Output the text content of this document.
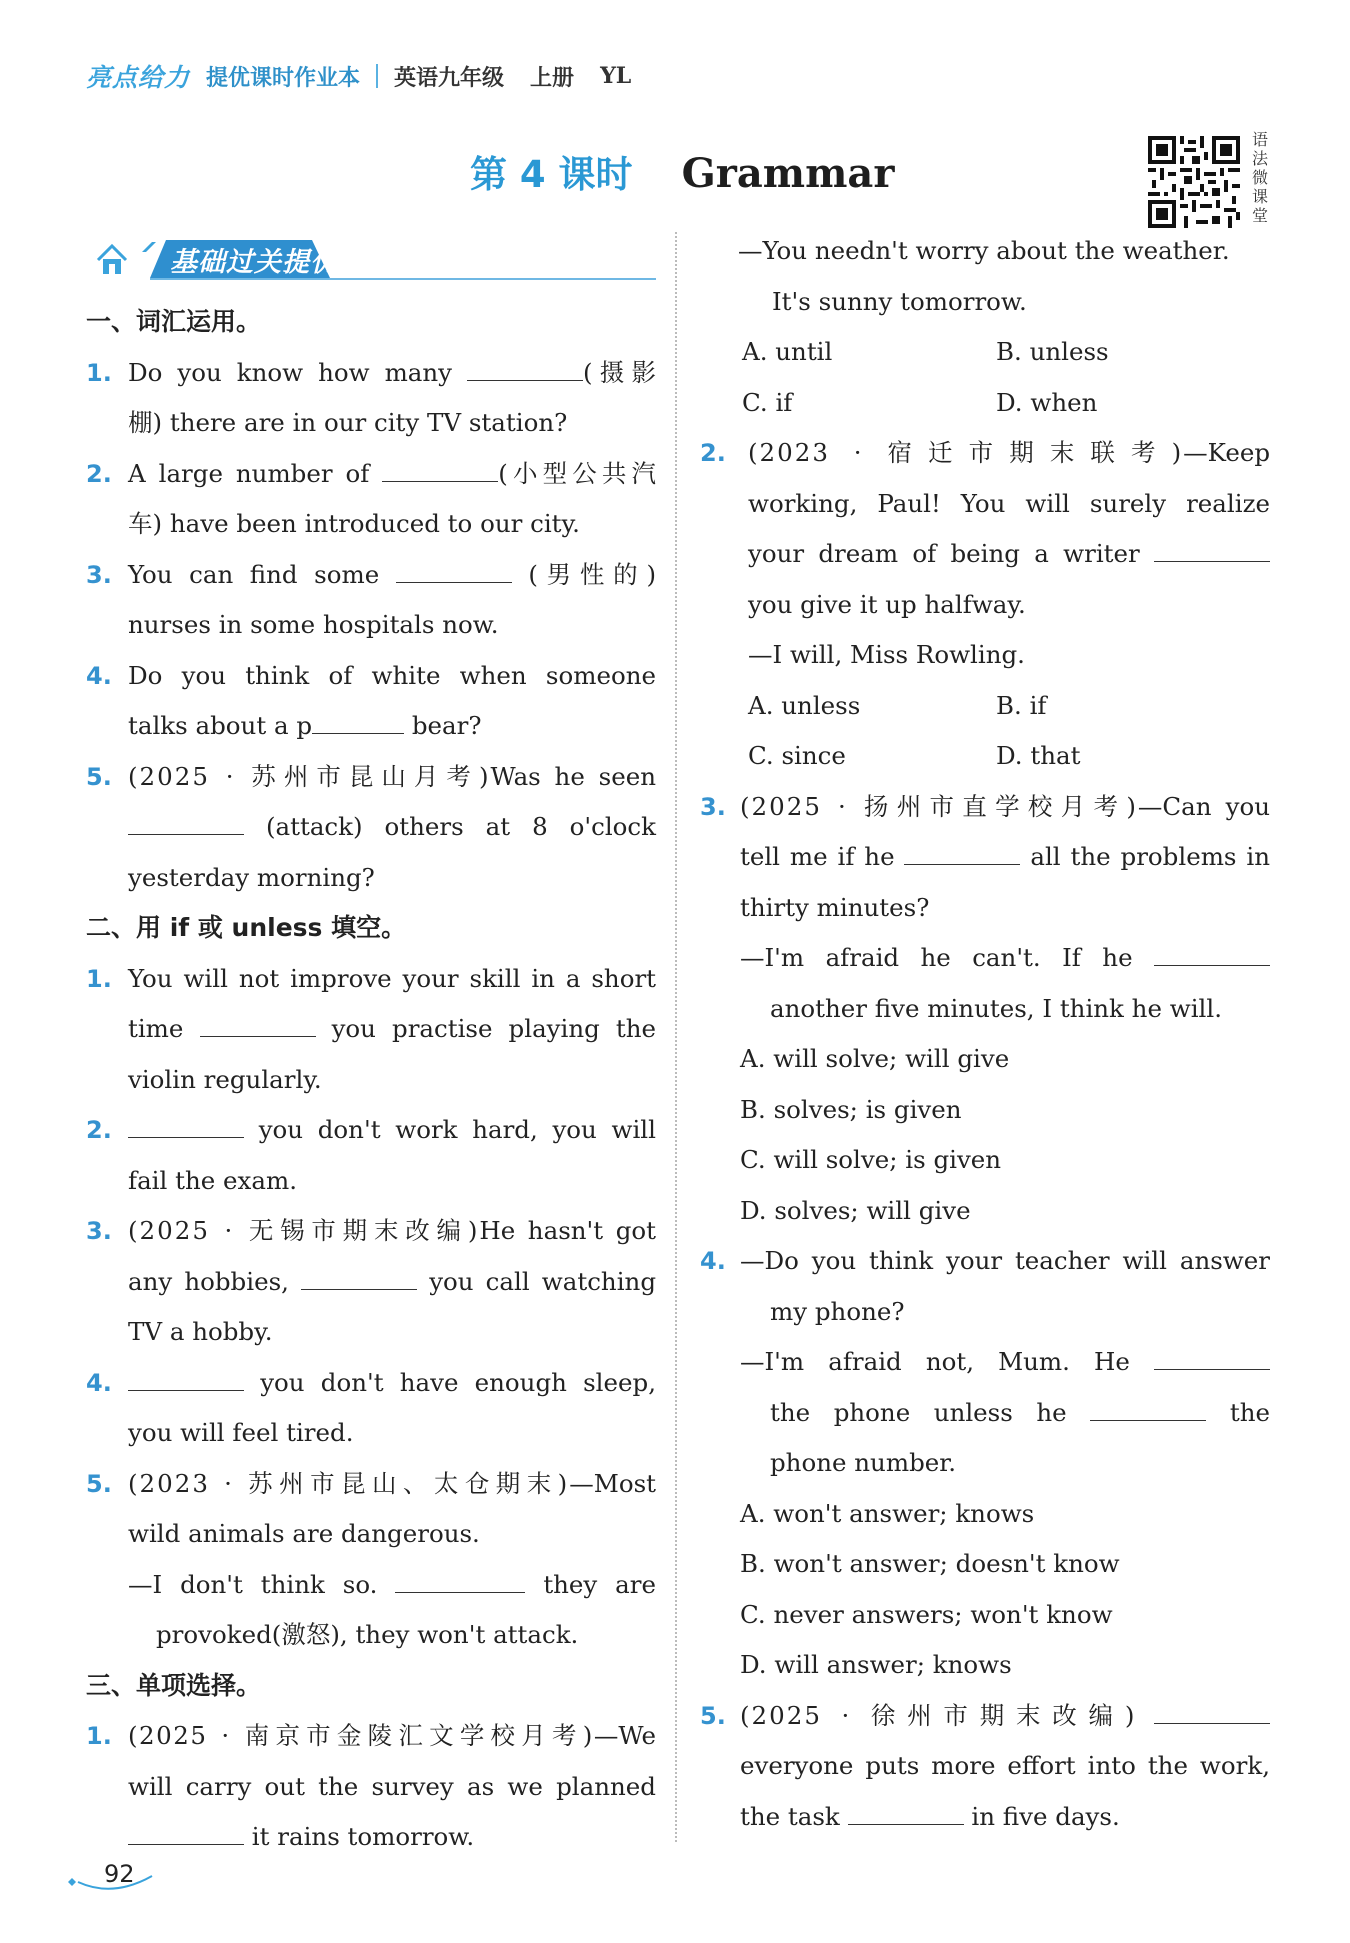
亮点给力 提优课时作业本 英语九年级 上册 YL
第 4 课时 Grammar
语
法
微
课
堂
基础过关提优
一、词汇运用。
1. Do you know how many	(摄影
棚) there are in our city TV station?
2. A large number of	(小型公共汽
车) have been introduced to our city.
3. You can find some	(男性的)
nurses in some hospitals now.
4. Do you think of white when someone
talks about a p	bear?
5. (2025 · 苏州市昆山月考)Was he seen
(attack) others at 8 o'clock
yesterday morning?
二、用 if 或 unless 填空。
1. You will not improve your skill in a short
time	you practise playing the
violin regularly.
2.	you don't work hard, you will
fail the exam.
3. (2025 · 无锡市期末改编)He hasn't got
any hobbies,	you call watching
TV a hobby.
4.	you don't have enough sleep,
you will feel tired.
5. (2023 · 苏州市昆山、太仓期末)—Most
wild animals are dangerous.
—I don't think so.	they are
provoked(激怒), they won't attack.
三、单项选择。
1. (2025 · 南京市金陵汇文学校月考)—We
will carry out the survey as we planned
it rains tomorrow.
—You needn't worry about the weather.
It's sunny tomorrow.
A. until	B. unless
C. if	D. when
2. (2023 · 宿迁市期末联考)—Keep
working, Paul! You will surely realize
your dream of being a writer
you give it up halfway.
—I will, Miss Rowling.
A. unless	B. if
C. since	D. that
3. (2025 · 扬州市直学校月考)—Can you
tell me if he	all the problems in
thirty minutes?
—I'm afraid he can't. If he
another five minutes, I think he will.
A. will solve; will give
B. solves; is given
C. will solve; is given
D. solves; will give
4. —Do you think your teacher will answer
my phone?
—I'm afraid not, Mum. He
the phone unless he	the
phone number.
A. won't answer; knows
B. won't answer; doesn't know
C. never answers; won't know
D. will answer; knows
5. (2025 · 徐州市期末改编)
everyone puts more effort into the work,
the task	in five days.
92
